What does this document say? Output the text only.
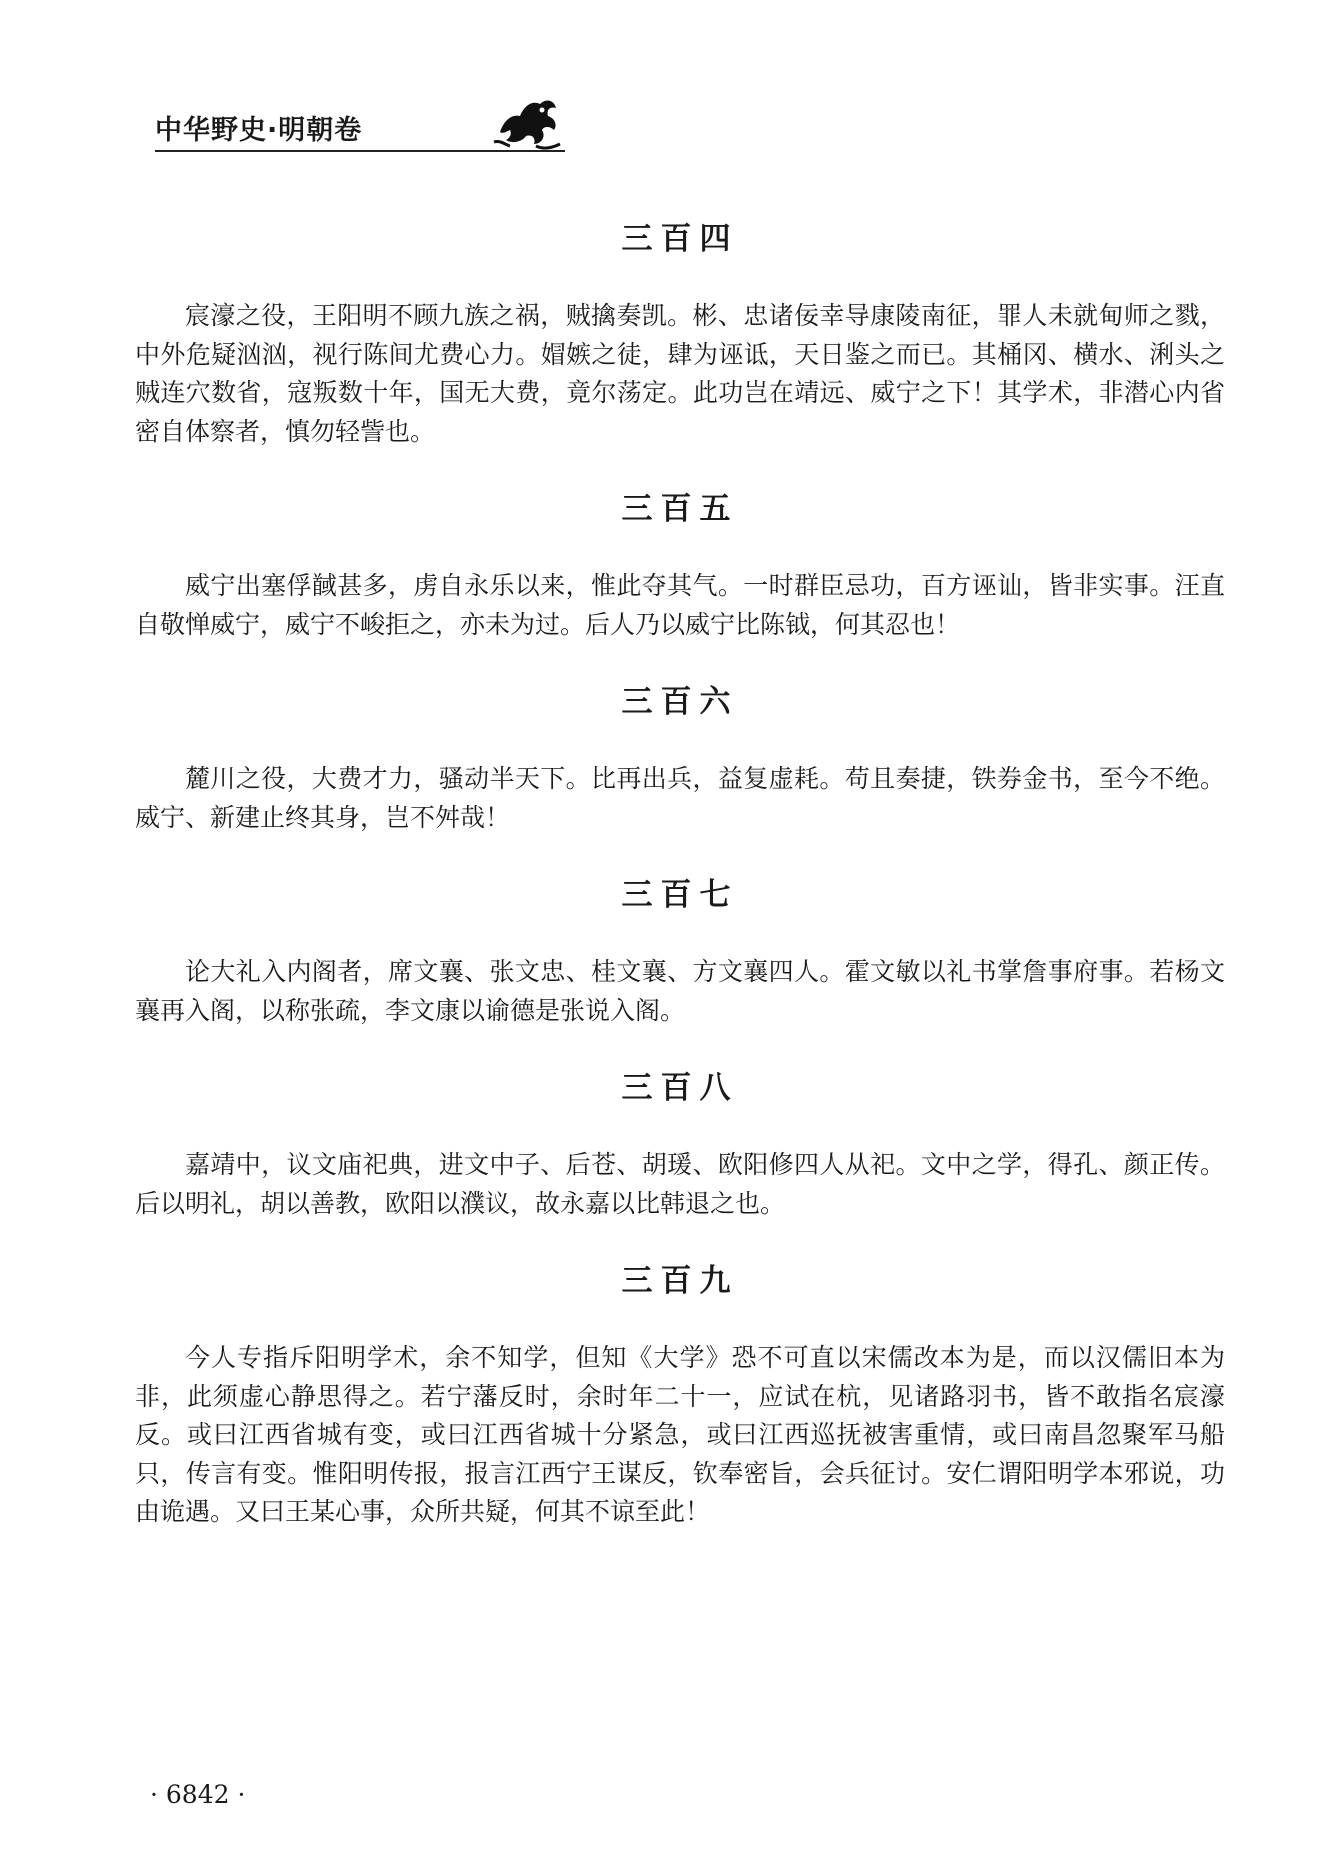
中华野史·明朝卷
三百四

宸濠之役，王阳明不顾九族之祸，贼擒奏凯。彬、忠诸佞幸导康陵南征，罪人未就甸师之戮，中外危疑汹汹，视行陈间尤费心力。媢嫉之徒，肆为诬诋，天日鉴之而已。其桶冈、横水、浰头之贼连穴数省，寇叛数十年，国无大费，竟尔荡定。此功岂在靖远、威宁之下！其学术，非潜心内省密自体察者，慎勿轻訾也。

三百五

威宁出塞俘馘甚多，虏自永乐以来，惟此夺其气。一时群臣忌功，百方诬讪，皆非实事。汪直自敬惮威宁，威宁不峻拒之，亦未为过。后人乃以威宁比陈钺，何其忍也！

三百六

麓川之役，大费才力，骚动半天下。比再出兵，益复虚耗。苟且奏捷，铁券金书，至今不绝。威宁、新建止终其身，岂不舛哉！

三百七

论大礼入内阁者，席文襄、张文忠、桂文襄、方文襄四人。霍文敏以礼书掌詹事府事。若杨文襄再入阁，以称张疏，李文康以谕德是张说入阁。

三百八

嘉靖中，议文庙祀典，进文中子、后苍、胡瑗、欧阳修四人从祀。文中之学，得孔、颜正传。后以明礼，胡以善教，欧阳以濮议，故永嘉以比韩退之也。

三百九

今人专指斥阳明学术，余不知学，但知《大学》恐不可直以宋儒改本为是，而以汉儒旧本为非，此须虚心静思得之。若宁藩反时，余时年二十一，应试在杭，见诸路羽书，皆不敢指名宸濠反。或曰江西省城有变，或曰江西省城十分紧急，或曰江西巡抚被害重情，或曰南昌忽聚军马船只，传言有变。惟阳明传报，报言江西宁王谋反，钦奉密旨，会兵征讨。安仁谓阳明学本邪说，功由诡遇。又曰王某心事，众所共疑，何其不谅至此！

· 6842 ·
